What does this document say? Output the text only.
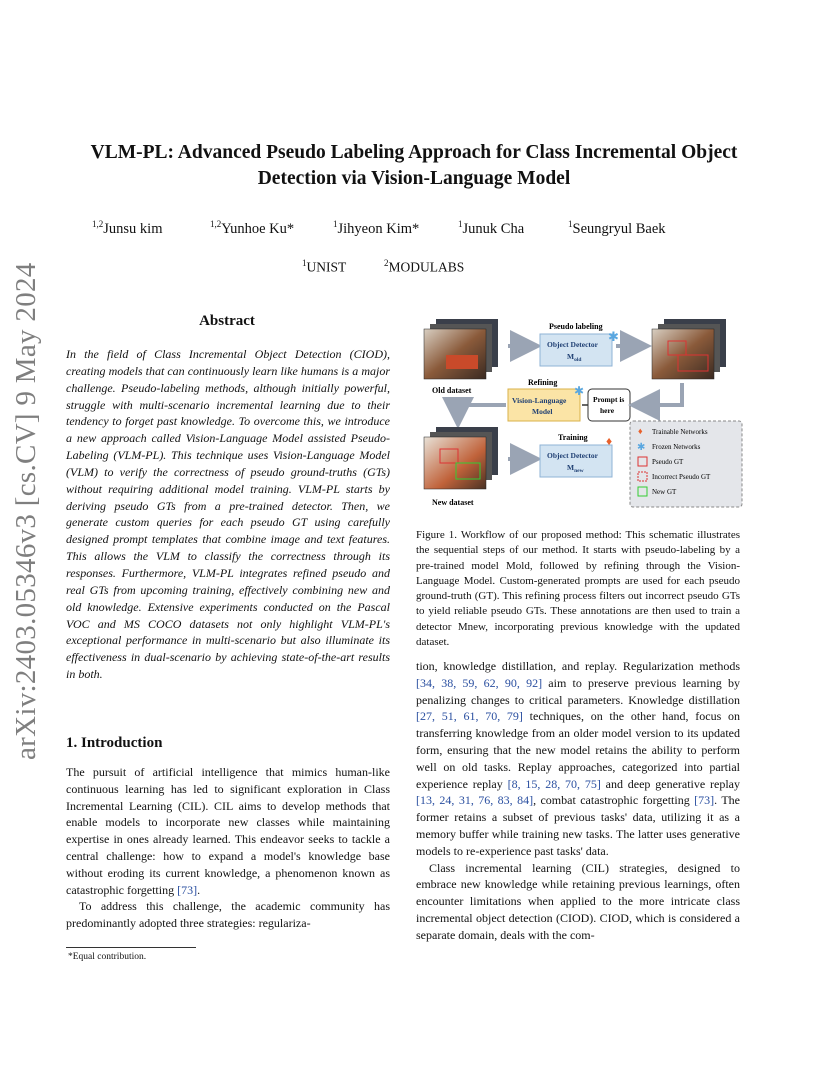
VLM-PL: Advanced Pseudo Labeling Approach for Class Incremental Object Detection via Vision-Language Model
$^{1,2}$Junsu kim	$^{1,2}$Yunhoe Ku*	$^1$Jihyeon Kim*	$^1$Junuk Cha	$^1$Seungryul Baek
$^1$UNIST	$^2$MODULABS
arXiv:2403.05346v3 [cs.CV] 9 May 2024	Abstract
In the field of Class Incremental Object Detection (CIOD), creating models that can continuously learn like humans is a major challenge. Pseudo-labeling methods, although initially powerful, struggle with multi-scenario incremental learning due to their tendency to forget past knowledge. To overcome this, we introduce a new approach called Vision-Language Model assisted Pseudo-Labeling (VLM-PL). This technique uses Vision-Language Model (VLM) to verify the correctness of pseudo ground-truths (GTs) without requiring additional model training. VLM-PL starts by deriving pseudo GTs from a pre-trained detector. Then, we generate custom queries for each pseudo GT using carefully designed prompt templates that combine image and text features. This allows the VLM to classify the correctness through its responses. Furthermore, VLM-PL integrates refined pseudo and real GTs from upcoming training, effectively combining new and old knowledge. Extensive experiments conducted on the Pascal VOC and MS COCO datasets not only highlight VLM-PL's exceptional performance in multi-scenario but also illuminate its effectiveness in dual-scenario by achieving state-of-the-art results in both.
1. Introduction

The pursuit of artificial intelligence that mimics human-like continuous learning has led to significant exploration in Class Incremental Learning (CIL). CIL aims to develop methods that enable models to incorporate new classes while maintaining expertise in ones already learned. This endeavor seeks to tackle a central challenge: how to expand a model's knowledge base without eroding its current knowledge, a phenomenon known as catastrophic forgetting [73].

To address this challenge, the academic community has predominantly adopted three strategies: regulariza-

*Equal contribution.
Old dataset
Pseudo labeling
Object Detector
$M_{old}$
✱
Refining
Vision-Language
Model
✱
Prompt is
here
New dataset
Training
Object Detector
$M_{new}$
♦
♦ Trainable Networks
✱ Frozen Networks
Pseudo GT
Incorrect Pseudo GT
New GT
Figure 1. Workflow of our proposed method: This schematic illustrates the sequential steps of our method. It starts with pseudo-labeling by a pre-trained model Mold, followed by refining through the Vision-Language Model. Custom-generated prompts are used for each pseudo ground-truth (GT). This refining process filters out incorrect pseudo GTs to yield reliable pseudo GTs. These annotations are then used to train a detector Mnew, incorporating previous knowledge with the updated dataset.

tion, knowledge distillation, and replay. Regularization methods [34, 38, 59, 62, 90, 92] aim to preserve previous learning by penalizing changes to critical parameters. Knowledge distillation [27, 51, 61, 70, 79] techniques, on the other hand, focus on transferring knowledge from an older model version to its updated form, ensuring that the new model retains the ability to perform well on old tasks. Replay approaches, categorized into partial experience replay [8, 15, 28, 70, 75] and deep generative replay [13, 24, 31, 76, 83, 84], combat catastrophic forgetting [73]. The former retains a subset of previous tasks' data, utilizing it as a memory buffer while training new tasks. The latter uses generative models to re-experience past tasks' data.

Class incremental learning (CIL) strategies, designed to embrace new knowledge while retaining previous learnings, often encounter limitations when applied to the more intricate class incremental object detection (CIOD). CIOD, which is considered a separate domain, deals with the com-
